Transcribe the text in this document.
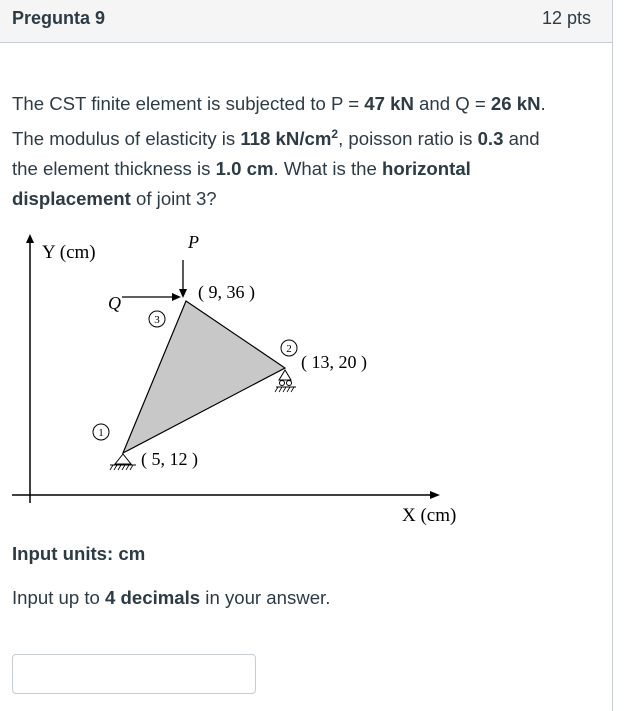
Pregunta 9	12 pts
The CST finite element is subjected to P = 47 kN and Q = 26 kN.
The modulus of elasticity is 118 $kN/cm^2$, poisson ratio is 0.3 and
the element thickness is 1.0 cm. What is the horizontal
displacement of joint 3?
Y (cm)
X (cm)
P
Q
3
( 9, 36 )
2
( 13, 20 )
1
( 5, 12 )
Input units: cm
Input up to 4 decimals in your answer.
